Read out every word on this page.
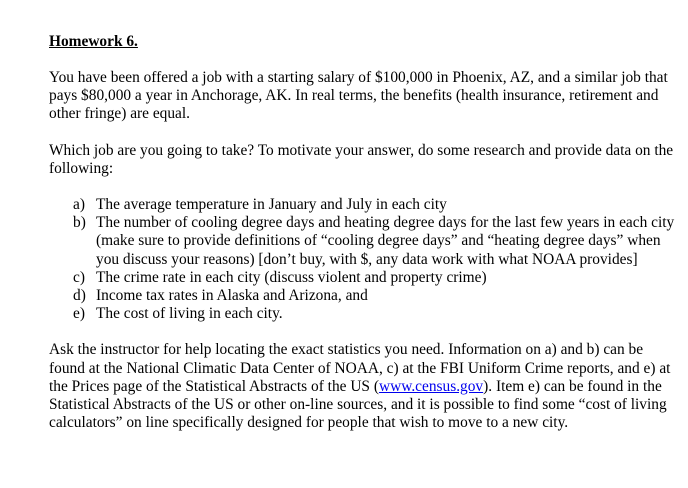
Homework 6.

You have been offered a job with a starting salary of $100,000 in Phoenix, AZ, and a similar job that pays $80,000 a year in Anchorage, AK. In real terms, the benefits (health insurance, retirement and other fringe) are equal.

Which job are you going to take? To motivate your answer, do some research and provide data on the following:

a) The average temperature in January and July in each city
b) The number of cooling degree days and heating degree days for the last few years in each city (make sure to provide definitions of “cooling degree days” and “heating degree days” when you discuss your reasons) [don’t buy, with $, any data work with what NOAA provides]
c) The crime rate in each city (discuss violent and property crime)
d) Income tax rates in Alaska and Arizona, and
e) The cost of living in each city.

Ask the instructor for help locating the exact statistics you need. Information on a) and b) can be found at the National Climatic Data Center of NOAA, c) at the FBI Uniform Crime reports, and e) at the Prices page of the Statistical Abstracts of the US (www.census.gov). Item e) can be found in the Statistical Abstracts of the US or other on-line sources, and it is possible to find some “cost of living calculators” on line specifically designed for people that wish to move to a new city.
